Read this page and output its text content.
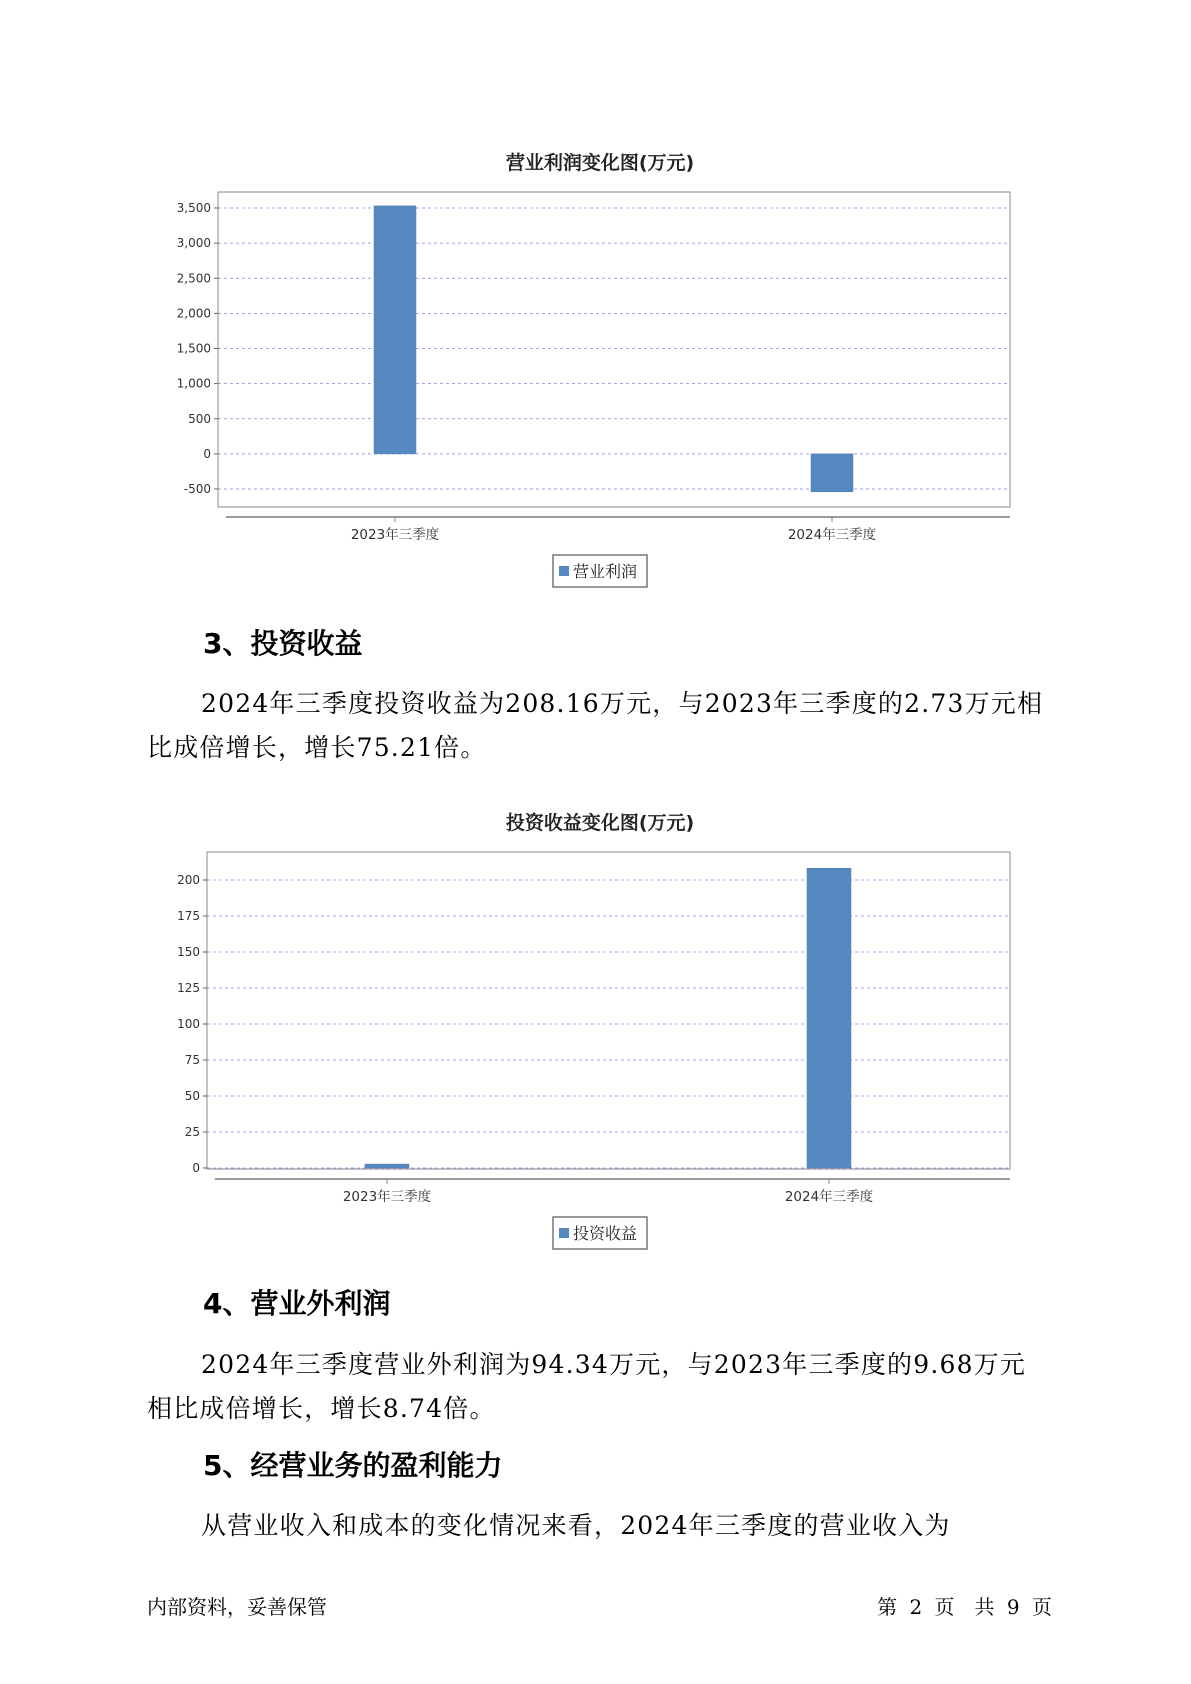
营业利润变化图(万元)
3,500
3,000
2,500
2,000
1,500
1,000
500
0
-500
2023年三季度	2024年三季度
营业利润
3、投资收益

2024年三季度投资收益为208.16万元，与2023年三季度的2.73万元相比成倍增长，增长75.21倍。

投资收益变化图(万元)
200
175
150
125
100
75
50
25
0
2023年三季度	2024年三季度
投资收益
4、营业外利润

2024年三季度营业外利润为94.34万元，与2023年三季度的9.68万元相比成倍增长，增长8.74倍。

5、经营业务的盈利能力

从营业收入和成本的变化情况来看，2024年三季度的营业收入为

内部资料，妥善保管	第 2 页　共 9 页
